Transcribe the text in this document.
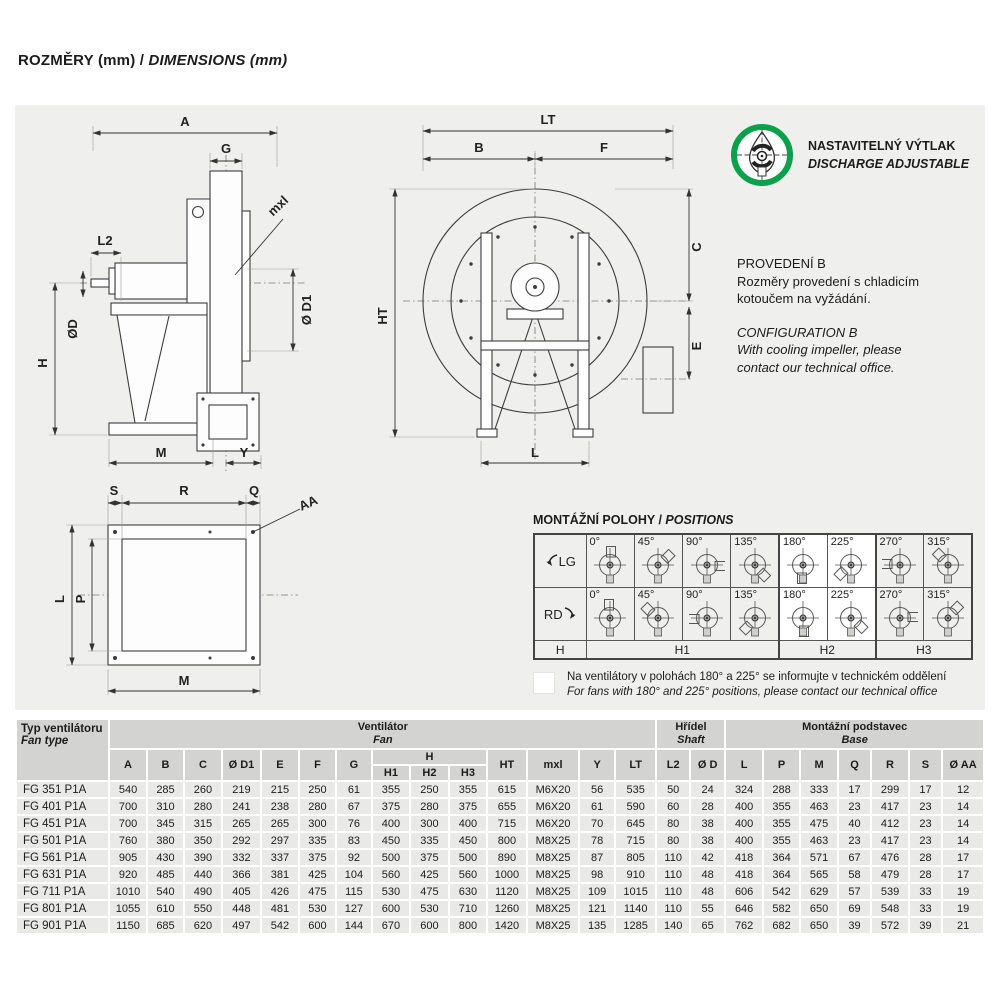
ROZMĚRY (mm) / DIMENSIONS (mm)
A
G
mxl
L2
ØD
Ø D1
H
M	Y
LT
B	F
HT
C
E
L
NASTAVITELNÝ VÝTLAK
DISCHARGE ADJUSTABLE
PROVEDENÍ B
Rozměry provedení s chladicím
kotoučem na vyžádání.
CONFIGURATION B
With cooling impeller, please
contact our technical office.
S	R	Q
AA
L P
M
MONTÁŽNÍ POLOHY / POSITIONS
LG	0°	45°	90°	135°	180°	225°	270°	315°

RD	0°	45°	90°	135°	180°	225°	270°	315°

H	H1				H2		H3	
Na ventilátory v polohách 180° a 225° se informujte v technickém oddělení
For fans with 180° and 225° positions, please contact our technical office
Typ ventilátoru
Fan type

Ventilátor
Fan

Hřídel
Shaft

Montážní podstavec
Base

	A	B	C	Ø D1	E	F	G	H			HT	mxl	Y	LT	L2	Ø D	L	P	M	Q	R	S	Ø AA
								H1	H2	H3													
FG 351 P1A	540	285	260	219	215	250	61	355	250	355	615	M6X20	56	535	50	24	324	288	333	17	299	17	12
FG 401 P1A	700	310	280	241	238	280	67	375	280	375	655	M6X20	61	590	60	28	400	355	463	23	417	23	14
FG 451 P1A	700	345	315	265	265	300	76	400	300	400	715	M6X20	70	645	80	38	400	355	475	40	412	23	14
FG 501 P1A	760	380	350	292	297	335	83	450	335	450	800	M8X25	78	715	80	38	400	355	463	23	417	23	14
FG 561 P1A	905	430	390	332	337	375	92	500	375	500	890	M8X25	87	805	110	42	418	364	571	67	476	28	17
FG 631 P1A	920	485	440	366	381	425	104	560	425	560	1000	M8X25	98	910	110	48	418	364	565	58	479	28	17
FG 711 P1A	1010	540	490	405	426	475	115	530	475	630	1120	M8X25	109	1015	110	48	606	542	629	57	539	33	19
FG 801 P1A	1055	610	550	448	481	530	127	600	530	710	1260	M8X25	121	1140	110	55	646	582	650	69	548	33	19
FG 901 P1A	1150	685	620	497	542	600	144	670	600	800	1420	M8X25	135	1285	140	65	762	682	650	39	572	39	21
